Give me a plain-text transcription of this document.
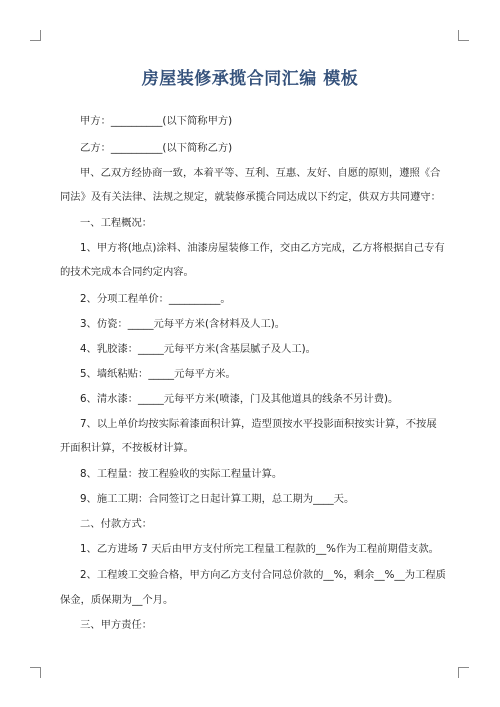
房屋装修承揽合同汇编 模板
甲方：__________(以下简称甲方)
乙方：__________(以下简称乙方)
甲、乙双方经协商一致，本着平等、互利、互惠、友好、自愿的原则，遵照《合
同法》及有关法律、法规之规定，就装修承揽合同达成以下约定，供双方共同遵守：
一、工程概况：
1、甲方将(地点)涂料、油漆房屋装修工作，交由乙方完成，乙方将根据自己专有
的技术完成本合同约定内容。
2、分项工程单价：__________。
3、仿瓷：_____元每平方米(含材料及人工)。
4、乳胶漆：_____元每平方米(含基层腻子及人工)。
5、墙纸粘贴：_____元每平方米。
6、清水漆：_____元每平方米(喷漆，门及其他道具的线条不另计费)。
7、以上单价均按实际着漆面积计算，造型顶按水平投影面积按实计算，不按展
开面积计算，不按板材计算。
8、工程量：按工程验收的实际工程量计算。
9、施工工期：合同签订之日起计算工期，总工期为____天。
二、付款方式：
1、乙方进场 7 天后由甲方支付所完工程量工程款的__%作为工程前期借支款。
2、工程竣工交验合格，甲方向乙方支付合同总价款的__%，剩余__%__为工程质
保金，质保期为__个月。
三、甲方责任：
